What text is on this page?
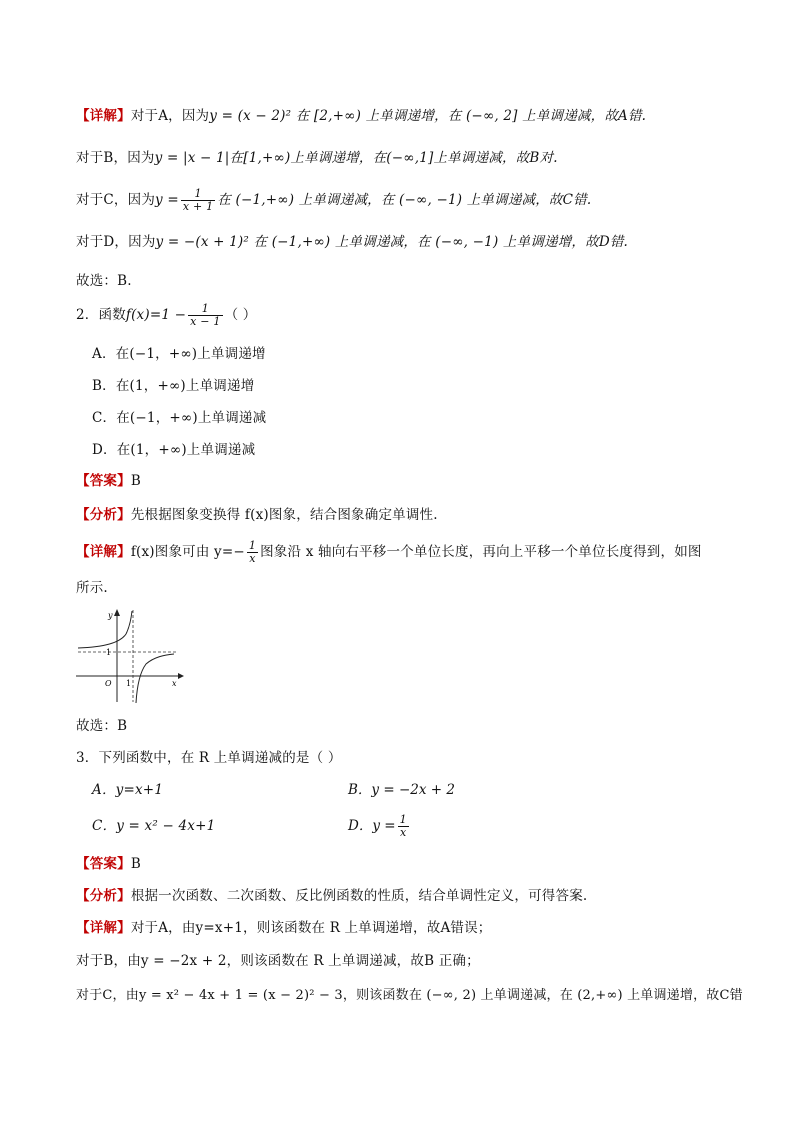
【详解】对于A，因为y = (x − 2)² 在 [2,+∞) 上单调递增，在 (−∞, 2] 上单调递减，故A错.
对于B，因为y = |x − 1|在[1,+∞)上单调递增，在(−∞,1]上单调递减，故B对.
对于C，因为$y = \frac{1}{x + 1}$ 在 (−1,+∞) 上单调递减，在 (−∞, −1) 上单调递减，故C错.
对于D，因为y = −(x + 1)² 在 (−1,+∞) 上单调递减，在 (−∞, −1) 上单调递增，故D错.
故选：B.
2．函数$f(x)=1 - \frac{1}{x - 1}$ （ ）
A．在(−1，+∞)上单调递增
B．在(1，+∞)上单调递增
C．在(−1，+∞)上单调递减
D．在(1，+∞)上单调递减
【答案】B
【分析】先根据图象变换得 f(x)图象，结合图象确定单调性.
【详解】f(x)图象可由 $y=- \frac{1}{x}$ 图象沿 x 轴向右平移一个单位长度，再向上平移一个单位长度得到，如图
所示.
y
x
O 1
1
故选：B
3．下列函数中，在 R 上单调递减的是（ ）
A．y=x+1	B．y = −2x + 2
C．y = x² − 4x+1	D．$y = \frac{1}{x}$
【答案】B
【分析】根据一次函数、二次函数、反比例函数的性质，结合单调性定义，可得答案.
【详解】对于A，由y=x+1，则该函数在 R 上单调递增，故A错误；
对于B，由y = −2x + 2，则该函数在 R 上单调递减，故B 正确；
对于C，由y = x² − 4x + 1 = (x − 2)² − 3，则该函数在 (−∞, 2) 上单调递减，在 (2,+∞) 上单调递增，故C错
